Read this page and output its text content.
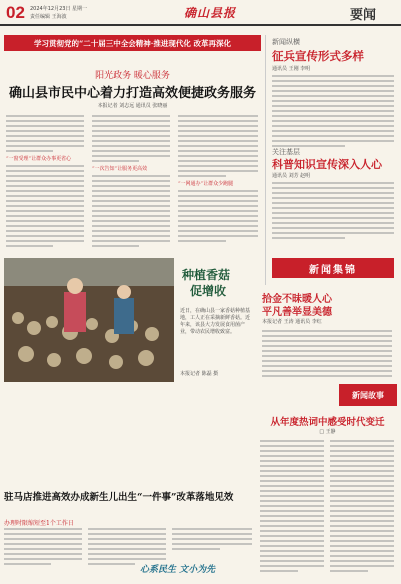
02 2024年12月23日 星期一
责任编辑 王海波	确山县报	要闻
学习贯彻党的“二十届三中全会精神·推进现代化 改革再深化
阳光政务 暖心服务
确山县市民中心着力打造高效便捷政务服务
本报记者 刘志远 通讯员 张晓丽
“一窗受理”让群众办事更省心
“一次告知”让服务更高效
“一网通办”让群众少跑腿
新闻纵横
征兵宣传形式多样
通讯员 王刚 李明
关注基层
科普知识宣传深入人心
通讯员 刘芳 赵明
新闻集锦
种植香菇
促增收
近日，在确山县一家香菇种植基地，工人正在采摘新鲜香菇。近年来，该县大力发展食用菌产业，带动农民增收致富。
本报记者 陈磊 摄
拾金不昧暖人心
平凡善举显美德
本报记者 王涛 通讯员 李红
新闻故事
从年度热词中感受时代变迁
□ 王静
驻马店推进高效办成新生儿出生“一件事”改革落地见效
办理时限缩短至1个工作日
心系民生 文小为先
